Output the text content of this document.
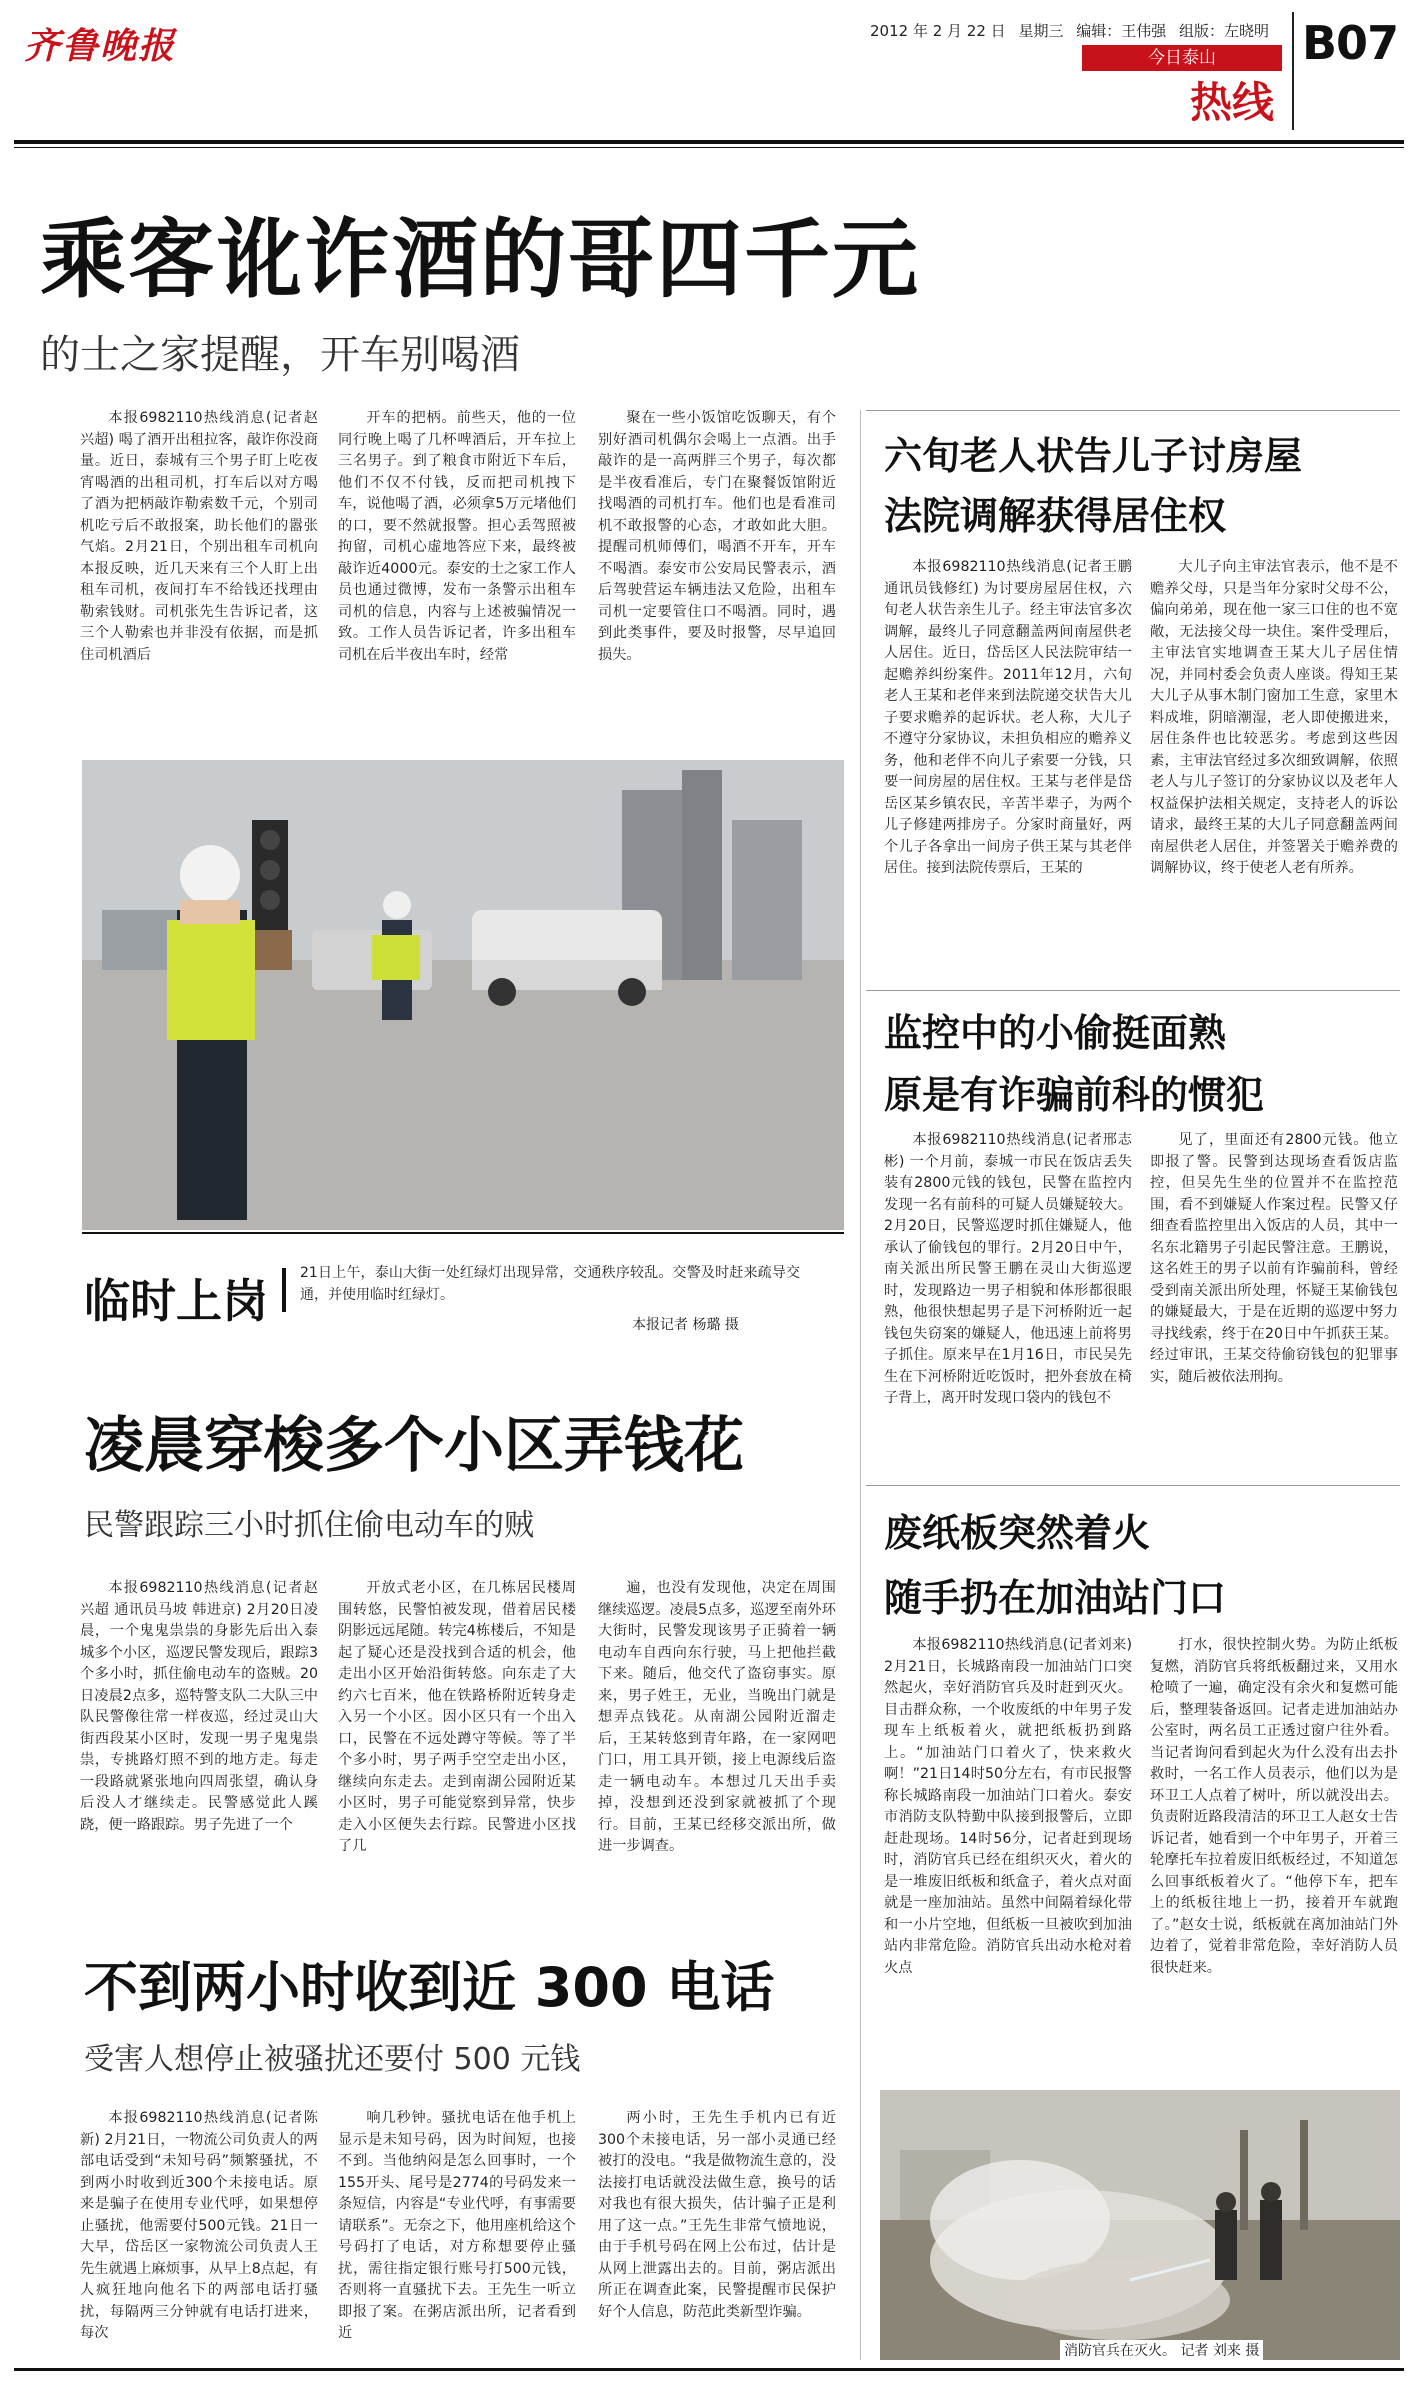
齐鲁晚报	2012 年 2 月 22 日 星期三 编辑：王伟强 组版：左晓明
今日泰山
热线
B07
乘客讹诈酒的哥四千元
的士之家提醒，开车别喝酒

本报6982110热线消息(记者赵兴超) 喝了酒开出租拉客，敲诈你没商量。近日，泰城有三个男子盯上吃夜宵喝酒的出租司机，打车后以对方喝了酒为把柄敲诈勒索数千元，个别司机吃亏后不敢报案，助长他们的嚣张气焰。2月21日，个别出租车司机向本报反映，近几天来有三个人盯上出租车司机，夜间打车不给钱还找理由勒索钱财。司机张先生告诉记者，这三个人勒索也并非没有依据，而是抓住司机酒后

开车的把柄。前些天，他的一位同行晚上喝了几杯啤酒后，开车拉上三名男子。到了粮食市附近下车后，他们不仅不付钱，反而把司机拽下车，说他喝了酒，必须拿5万元堵他们的口，要不然就报警。担心丢驾照被拘留，司机心虚地答应下来，最终被敲诈近4000元。泰安的士之家工作人员也通过微博，发布一条警示出租车司机的信息，内容与上述被骗情况一致。工作人员告诉记者，许多出租车司机在后半夜出车时，经常

聚在一些小饭馆吃饭聊天，有个别好酒司机偶尔会喝上一点酒。出手敲诈的是一高两胖三个男子，每次都是半夜看准后，专门在聚餐饭馆附近找喝酒的司机打车。他们也是看准司机不敢报警的心态，才敢如此大胆。提醒司机师傅们，喝酒不开车，开车不喝酒。泰安市公安局民警表示，酒后驾驶营运车辆违法又危险，出租车司机一定要管住口不喝酒。同时，遇到此类事件，要及时报警，尽早追回损失。

临时上岗
21日上午，泰山大街一处红绿灯出现异常，交通秩序较乱。交警及时赶来疏导交通，并使用临时红绿灯。
本报记者 杨璐 摄
凌晨穿梭多个小区弄钱花
民警跟踪三小时抓住偷电动车的贼

本报6982110热线消息(记者赵兴超 通讯员马坡 韩进京) 2月20日凌晨，一个鬼鬼祟祟的身影先后出入泰城多个小区，巡逻民警发现后，跟踪3个多小时，抓住偷电动车的盗贼。20日凌晨2点多，巡特警支队二大队三中队民警像往常一样夜巡，经过灵山大街西段某小区时，发现一男子鬼鬼祟祟，专挑路灯照不到的地方走。每走一段路就紧张地向四周张望，确认身后没人才继续走。民警感觉此人蹊跷，便一路跟踪。男子先进了一个

开放式老小区，在几栋居民楼周围转悠，民警怕被发现，借着居民楼阴影远远尾随。转完4栋楼后，不知是起了疑心还是没找到合适的机会，他走出小区开始沿街转悠。向东走了大约六七百米，他在铁路桥附近转身走入另一个小区。因小区只有一个出入口，民警在不远处蹲守等候。等了半个多小时，男子两手空空走出小区，继续向东走去。走到南湖公园附近某小区时，男子可能觉察到异常，快步走入小区便失去行踪。民警进小区找了几

遍，也没有发现他，决定在周围继续巡逻。凌晨5点多，巡逻至南外环大街时，民警发现该男子正骑着一辆电动车自西向东行驶，马上把他拦截下来。随后，他交代了盗窃事实。原来，男子姓王，无业，当晚出门就是想弄点钱花。从南湖公园附近溜走后，王某转悠到青年路，在一家网吧门口，用工具开锁，接上电源线后盗走一辆电动车。本想过几天出手卖掉，没想到还没到家就被抓了个现行。目前，王某已经移交派出所，做进一步调查。

不到两小时收到近 300 电话
受害人想停止被骚扰还要付 500 元钱

本报6982110热线消息(记者陈新) 2月21日，一物流公司负责人的两部电话受到“未知号码”频繁骚扰，不到两小时收到近300个未接电话。原来是骗子在使用专业代呼，如果想停止骚扰，他需要付500元钱。21日一大早，岱岳区一家物流公司负责人王先生就遇上麻烦事，从早上8点起，有人疯狂地向他名下的两部电话打骚扰，每隔两三分钟就有电话打进来，每次

响几秒钟。骚扰电话在他手机上显示是未知号码，因为时间短，也接不到。当他纳闷是怎么回事时，一个155开头、尾号是2774的号码发来一条短信，内容是“专业代呼，有事需要请联系”。无奈之下，他用座机给这个号码打了电话，对方称想要停止骚扰，需往指定银行账号打500元钱，否则将一直骚扰下去。王先生一听立即报了案。在粥店派出所，记者看到近

两小时，王先生手机内已有近300个未接电话，另一部小灵通已经被打的没电。“我是做物流生意的，没法接打电话就没法做生意，换号的话对我也有很大损失，估计骗子正是利用了这一点。”王先生非常气愤地说，由于手机号码在网上公布过，估计是从网上泄露出去的。目前，粥店派出所正在调查此案，民警提醒市民保护好个人信息，防范此类新型诈骗。

六旬老人状告儿子讨房屋
法院调解获得居住权

本报6982110热线消息(记者王鹏 通讯员钱修红) 为讨要房屋居住权，六旬老人状告亲生儿子。经主审法官多次调解，最终儿子同意翻盖两间南屋供老人居住。近日，岱岳区人民法院审结一起赡养纠纷案件。2011年12月，六旬老人王某和老伴来到法院递交状告大儿子要求赡养的起诉状。老人称，大儿子不遵守分家协议，未担负相应的赡养义务，他和老伴不向儿子索要一分钱，只要一间房屋的居住权。王某与老伴是岱岳区某乡镇农民，辛苦半辈子，为两个儿子修建两排房子。分家时商量好，两个儿子各拿出一间房子供王某与其老伴居住。接到法院传票后，王某的

大儿子向主审法官表示，他不是不赡养父母，只是当年分家时父母不公，偏向弟弟，现在他一家三口住的也不宽敞，无法接父母一块住。案件受理后，主审法官实地调查王某大儿子居住情况，并同村委会负责人座谈。得知王某大儿子从事木制门窗加工生意，家里木料成堆，阴暗潮湿，老人即使搬进来，居住条件也比较恶劣。考虑到这些因素，主审法官经过多次细致调解，依照老人与儿子签订的分家协议以及老年人权益保护法相关规定，支持老人的诉讼请求，最终王某的大儿子同意翻盖两间南屋供老人居住，并签署关于赡养费的调解协议，终于使老人老有所养。

监控中的小偷挺面熟
原是有诈骗前科的惯犯

本报6982110热线消息(记者邢志彬) 一个月前，泰城一市民在饭店丢失装有2800元钱的钱包，民警在监控内发现一名有前科的可疑人员嫌疑较大。2月20日，民警巡逻时抓住嫌疑人，他承认了偷钱包的罪行。2月20日中午，南关派出所民警王鹏在灵山大街巡逻时，发现路边一男子相貌和体形都很眼熟，他很快想起男子是下河桥附近一起钱包失窃案的嫌疑人，他迅速上前将男子抓住。原来早在1月16日，市民吴先生在下河桥附近吃饭时，把外套放在椅子背上，离开时发现口袋内的钱包不

见了，里面还有2800元钱。他立即报了警。民警到达现场查看饭店监控，但吴先生坐的位置并不在监控范围，看不到嫌疑人作案过程。民警又仔细查看监控里出入饭店的人员，其中一名东北籍男子引起民警注意。王鹏说，这名姓王的男子以前有诈骗前科，曾经受到南关派出所处理，怀疑王某偷钱包的嫌疑最大，于是在近期的巡逻中努力寻找线索，终于在20日中午抓获王某。经过审讯，王某交待偷窃钱包的犯罪事实，随后被依法刑拘。

废纸板突然着火
随手扔在加油站门口

本报6982110热线消息(记者刘来) 2月21日，长城路南段一加油站门口突然起火，幸好消防官兵及时赶到灭火。目击群众称，一个收废纸的中年男子发现车上纸板着火，就把纸板扔到路上。“加油站门口着火了，快来救火啊！”21日14时50分左右，有市民报警称长城路南段一加油站门口着火。泰安市消防支队特勤中队接到报警后，立即赶赴现场。14时56分，记者赶到现场时，消防官兵已经在组织灭火，着火的是一堆废旧纸板和纸盒子，着火点对面就是一座加油站。虽然中间隔着绿化带和一小片空地，但纸板一旦被吹到加油站内非常危险。消防官兵出动水枪对着火点

打水，很快控制火势。为防止纸板复燃，消防官兵将纸板翻过来，又用水枪喷了一遍，确定没有余火和复燃可能后，整理装备返回。记者走进加油站办公室时，两名员工正透过窗户往外看。当记者询问看到起火为什么没有出去扑救时，一名工作人员表示，他们以为是环卫工人点着了树叶，所以就没出去。负责附近路段清洁的环卫工人赵女士告诉记者，她看到一个中年男子，开着三轮摩托车拉着废旧纸板经过，不知道怎么回事纸板着火了。“他停下车，把车上的纸板往地上一扔，接着开车就跑了。”赵女士说，纸板就在离加油站门外边着了，觉着非常危险，幸好消防人员很快赶来。

消防官兵在灭火。 记者 刘来 摄
